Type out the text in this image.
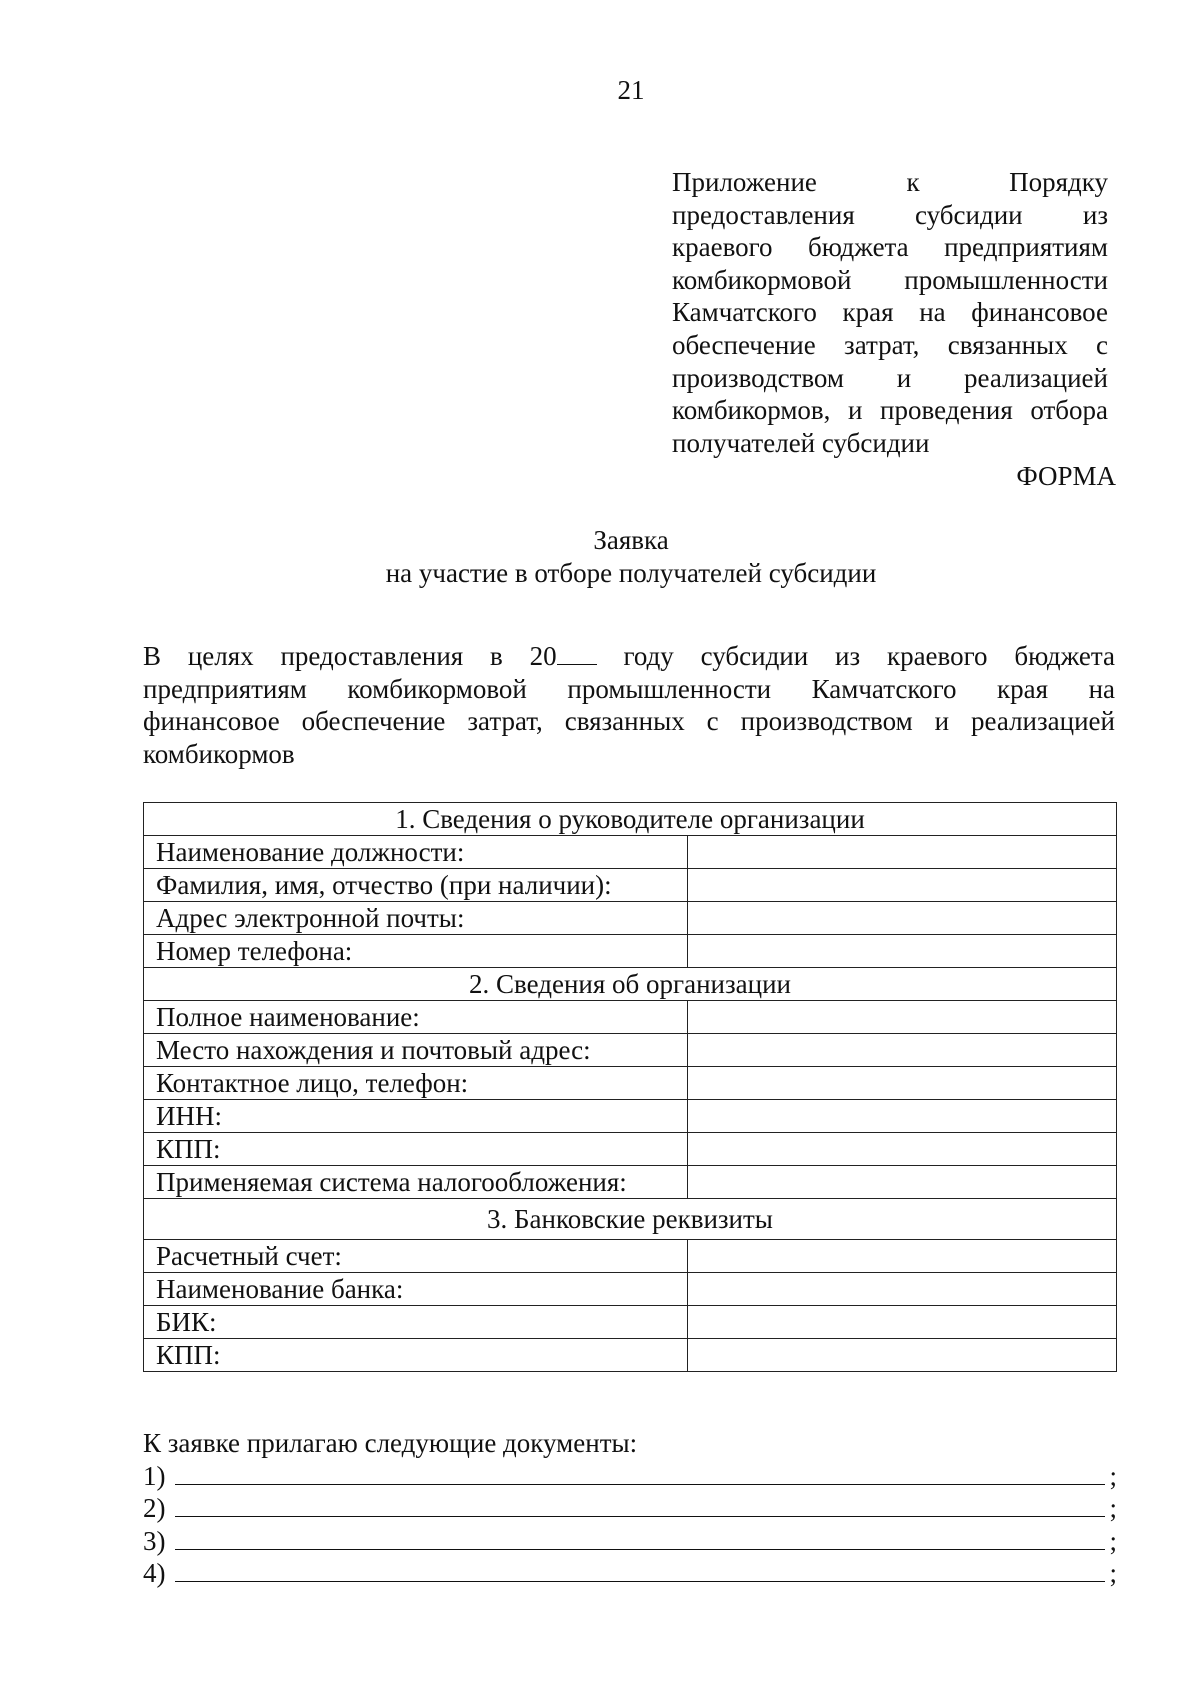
21
Приложение к Порядку
предоставления субсидии из
краевого бюджета предприятиям
комбикормовой промышленности
Камчатского края на финансовое
обеспечение затрат, связанных с
производством и реализацией
комбикормов, и проведения отбора
получателей субсидии
ФОРМА
Заявка
на участие в отборе получателей субсидии
В целях предоставления в 20 году субсидии из краевого бюджета
предприятиям комбикормовой промышленности Камчатского края на
финансовое обеспечение затрат, связанных с производством и реализацией
комбикормов
1. Сведения о руководителе организации	
Наименование должности:	
Фамилия, имя, отчество (при наличии):	
Адрес электронной почты:	
Номер телефона:	
2. Сведения об организации	
Полное наименование:	
Место нахождения и почтовый адрес:	
Контактное лицо, телефон:	
ИНН:	
КПП:	
Применяемая система налогообложения:	
3. Банковские реквизиты	
Расчетный счет:	
Наименование банка:	
БИК:	
КПП:	
К заявке прилагаю следующие документы:
1)	;
2)	;
3)	;
4)	;
